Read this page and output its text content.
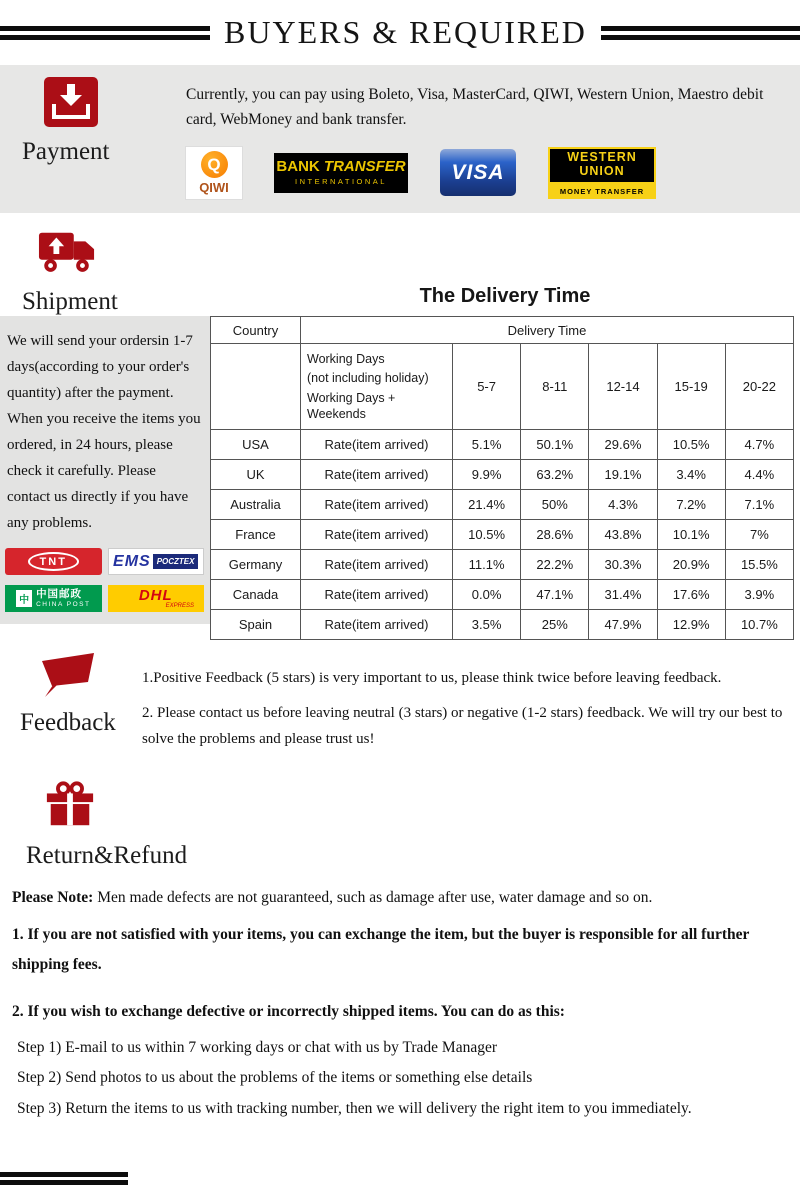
BUYERS & REQUIRED
Payment

Currently, you can pay using Boleto, Visa, MasterCard, QIWI, Western Union, Maestro debit card, WebMoney and bank transfer.

Q
QIWI
BANK TRANSFER
INTERNATIONAL	VISA
WESTERN
UNION
MONEY TRANSFER
Shipment	The Delivery Time

We will send your ordersin 1-7 days(according to your order's quantity) after the payment. When you receive the items you ordered, in 24 hours, please check it carefully. Please contact us directly if you have any problems.

TNT	EMS POCZTEX
中
中国邮政
CHINA POST	DHL
EXPRESS
Country	Delivery Time					

	Working Days
(not including holiday)
Working Days + Weekends	5-7	8-11	12-14	15-19	20-22
USA	Rate(item arrived)	5.1%	50.1%	29.6%	10.5%	4.7%
UK	Rate(item arrived)	9.9%	63.2%	19.1%	3.4%	4.4%
Australia	Rate(item arrived)	21.4%	50%	4.3%	7.2%	7.1%
France	Rate(item arrived)	10.5%	28.6%	43.8%	10.1%	7%
Germany	Rate(item arrived)	11.1%	22.2%	30.3%	20.9%	15.5%
Canada	Rate(item arrived)	0.0%	47.1%	31.4%	17.6%	3.9%
Spain	Rate(item arrived)	3.5%	25%	47.9%	12.9%	10.7%
Feedback

1.Positive Feedback (5 stars) is very important to us, please think twice before leaving feedback.

2. Please contact us before leaving neutral (3 stars) or negative (1-2 stars) feedback. We will try our best to solve the problems and please trust us!

Return&Refund

Please Note: Men made defects are not guaranteed, such as damage after use, water damage and so on.

1. If you are not satisfied with your items, you can exchange the item, but the buyer is responsible for all further shipping fees.

2. If you wish to exchange defective or incorrectly shipped items. You can do as this:

Step 1) E-mail to us within 7 working days or chat with us by Trade Manager

Step 2) Send photos to us about the problems of the items or something else details

Step 3) Return the items to us with tracking number, then we will delivery the right item to you immediately.
